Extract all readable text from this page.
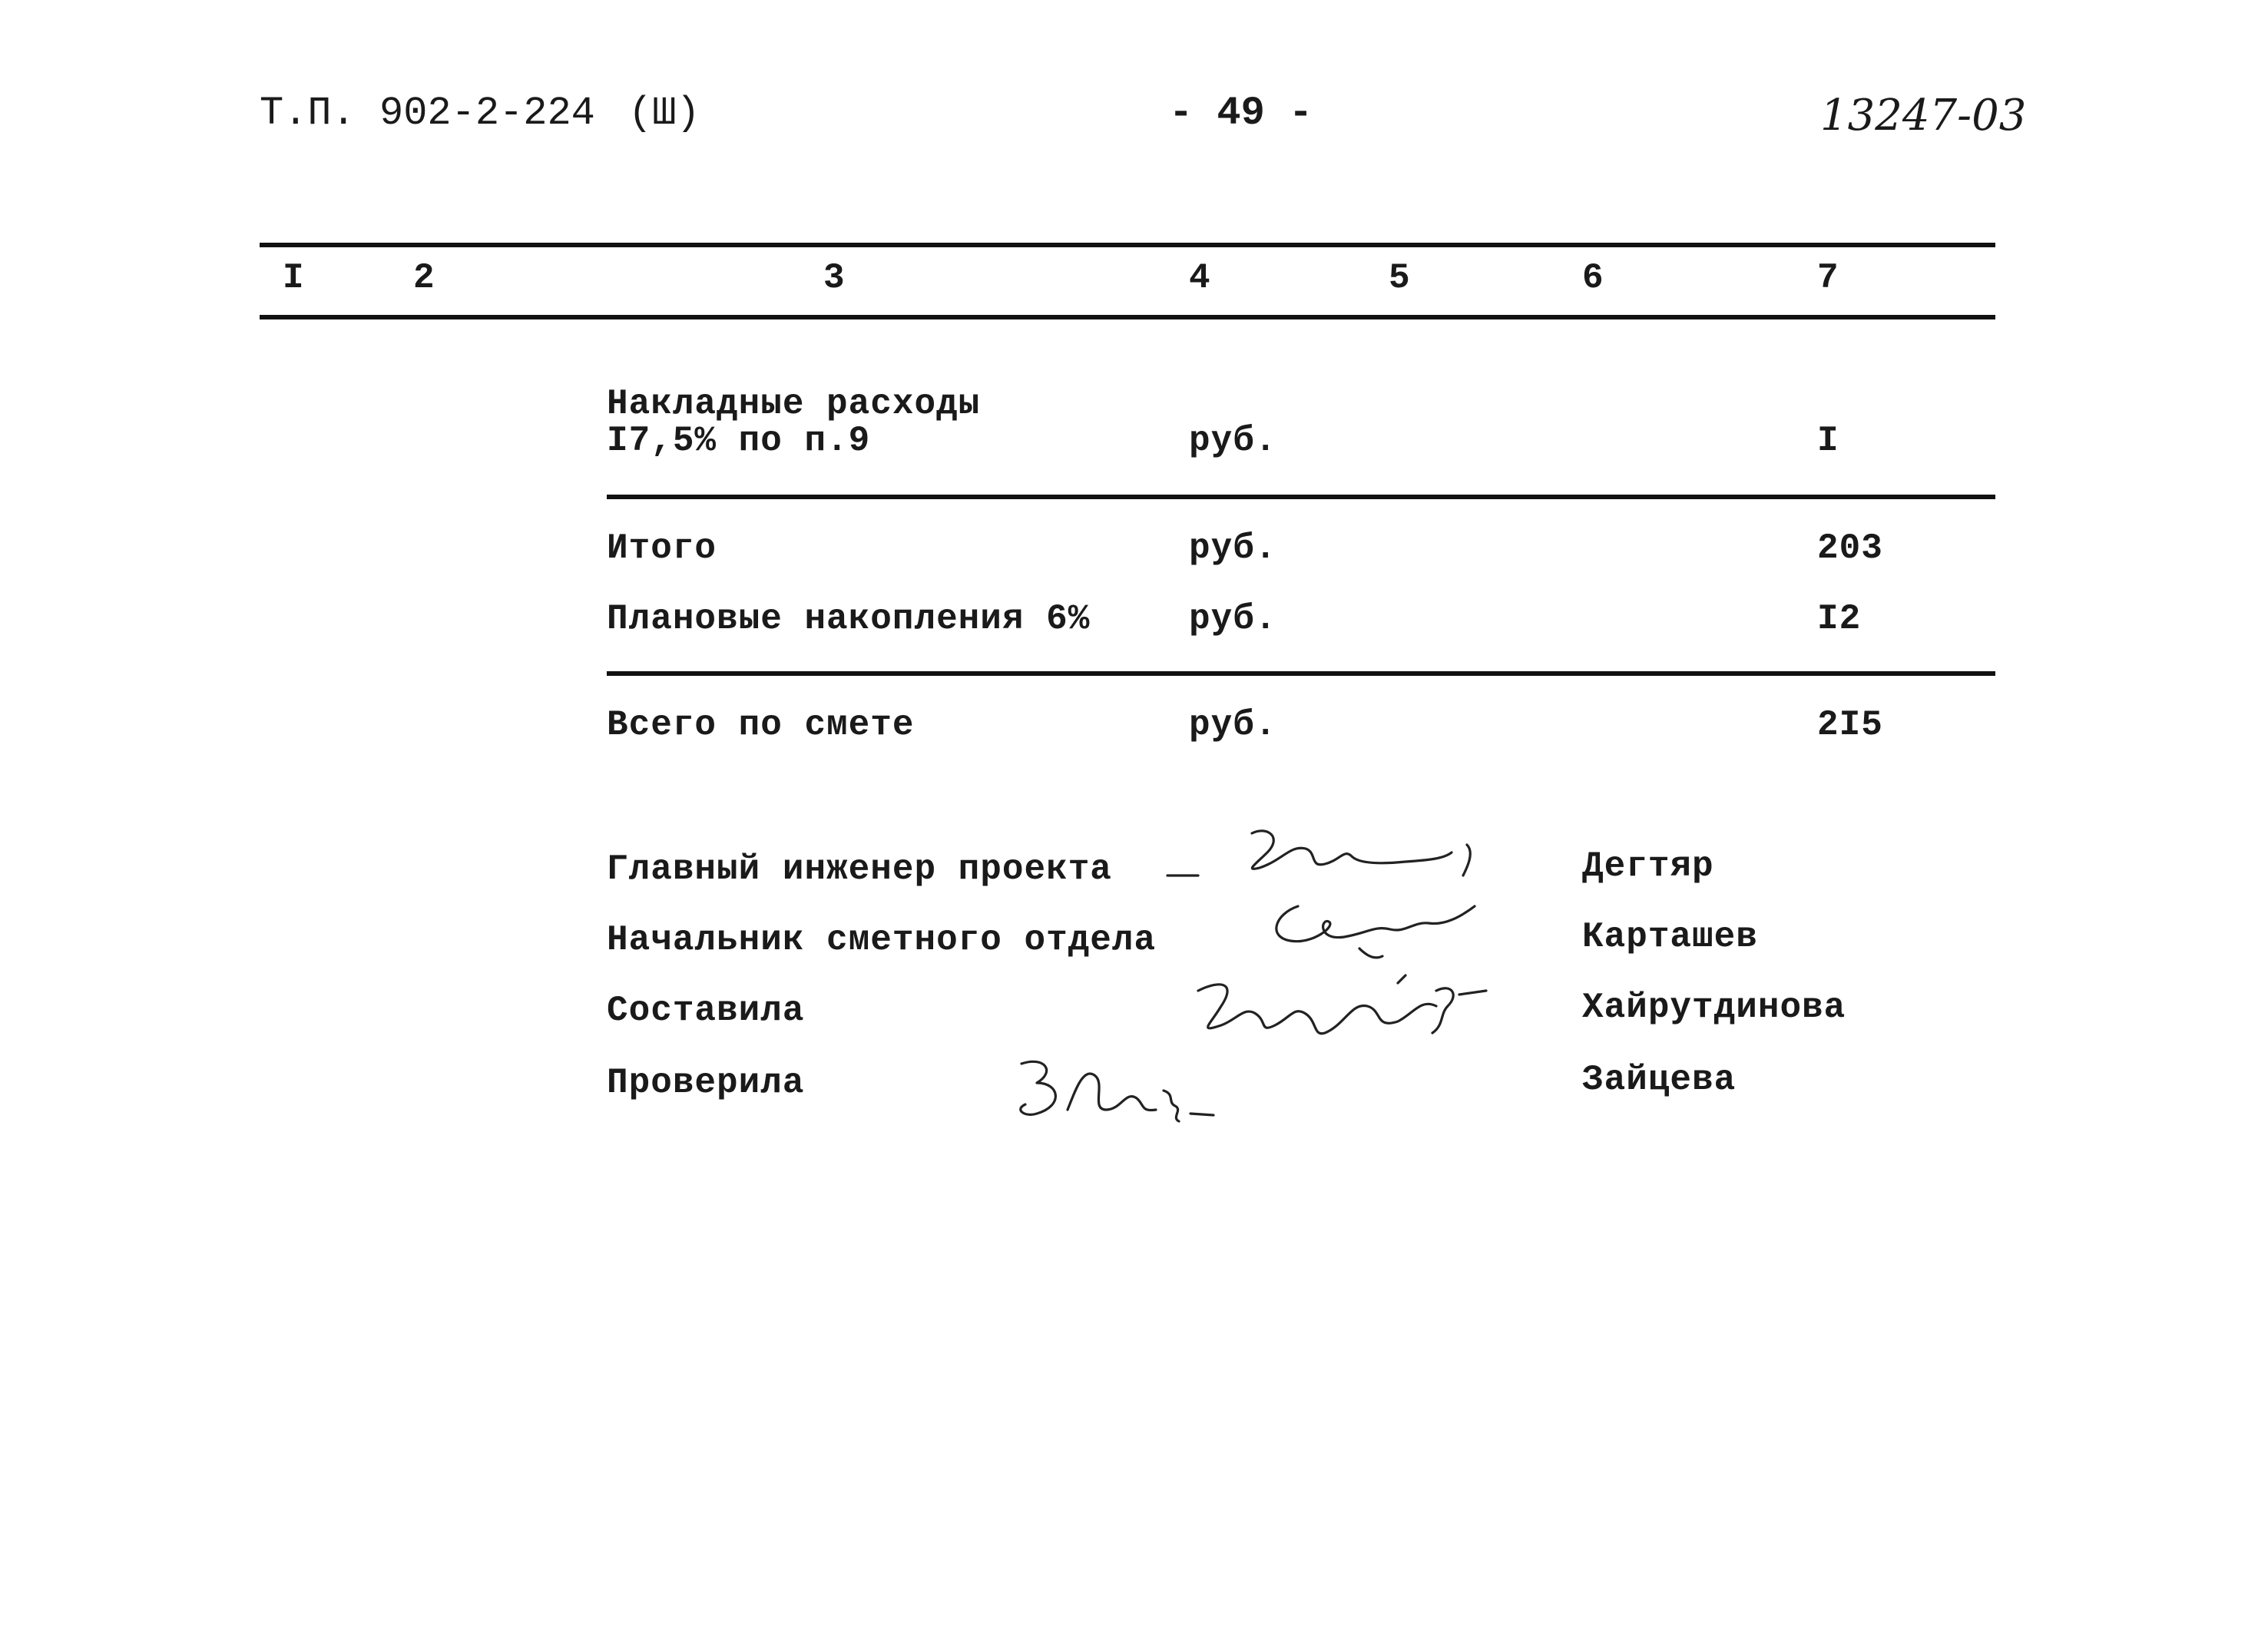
Т.П. 902-2-224 (Ш)	- 49 -	13247-03
I	2	3	4	5	6	7
Накладные расходы
I7,5% по п.9	руб.	I
Итого	руб.	203
Плановые накопления 6%	руб.	I2
Всего по смете	руб.	2I5
Главный инженер проекта	Дегтяр
Начальник сметного отдела	Карташев
Составила	Хайрутдинова
Проверила	Зайцева
